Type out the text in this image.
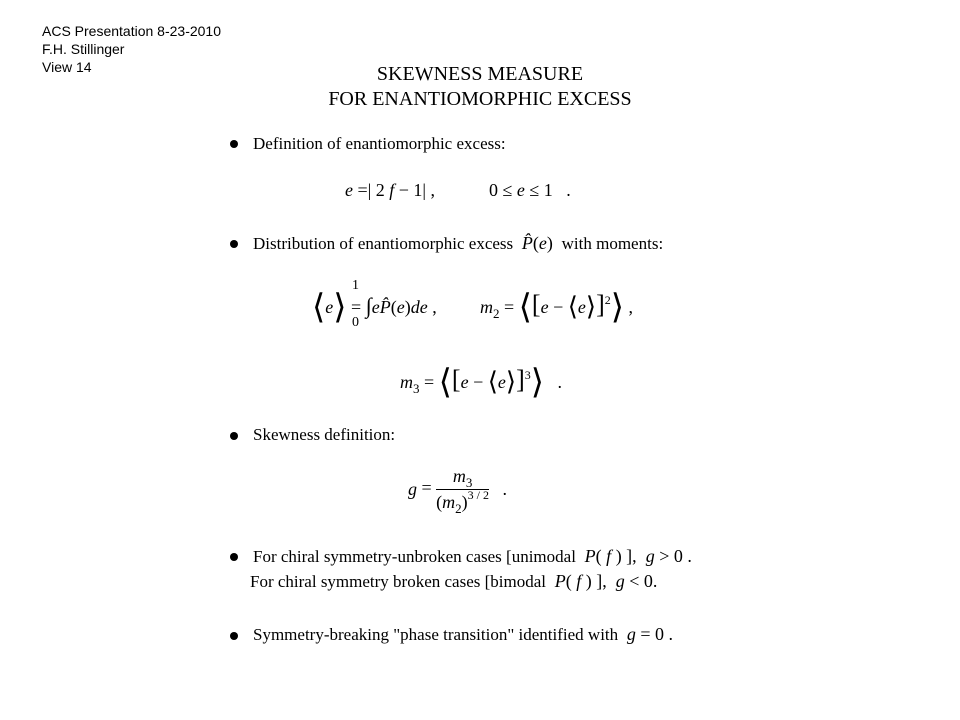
ACS Presentation 8-23-2010
F.H. Stillinger
View 14	SKEWNESS MEASURE
FOR ENANTIOMORPHIC EXCESS
Definition of enantiomorphic excess:
e =| 2 f − 1| ,            0 ≤ e ≤ 1   .
Distribution of enantiomorphic excess P̂(e)  with moments:
⟨e⟩ = ∫eP̂(e)de ,
1
0
$m_2$ = ⟨[e − ⟨e⟩]$^2$⟩ ,
$m_3$ = ⟨[e − ⟨e⟩]$^3$⟩   .
Skewness definition:
$g = \frac{m_3}{(m_2)^{3 / 2}}$ .
For chiral symmetry-unbroken cases [unimodal P( f ) ],  g > 0 .
For chiral symmetry broken cases [bimodal P( f ) ],  g < 0.
Symmetry-breaking "phase transition" identified with g = 0 .
